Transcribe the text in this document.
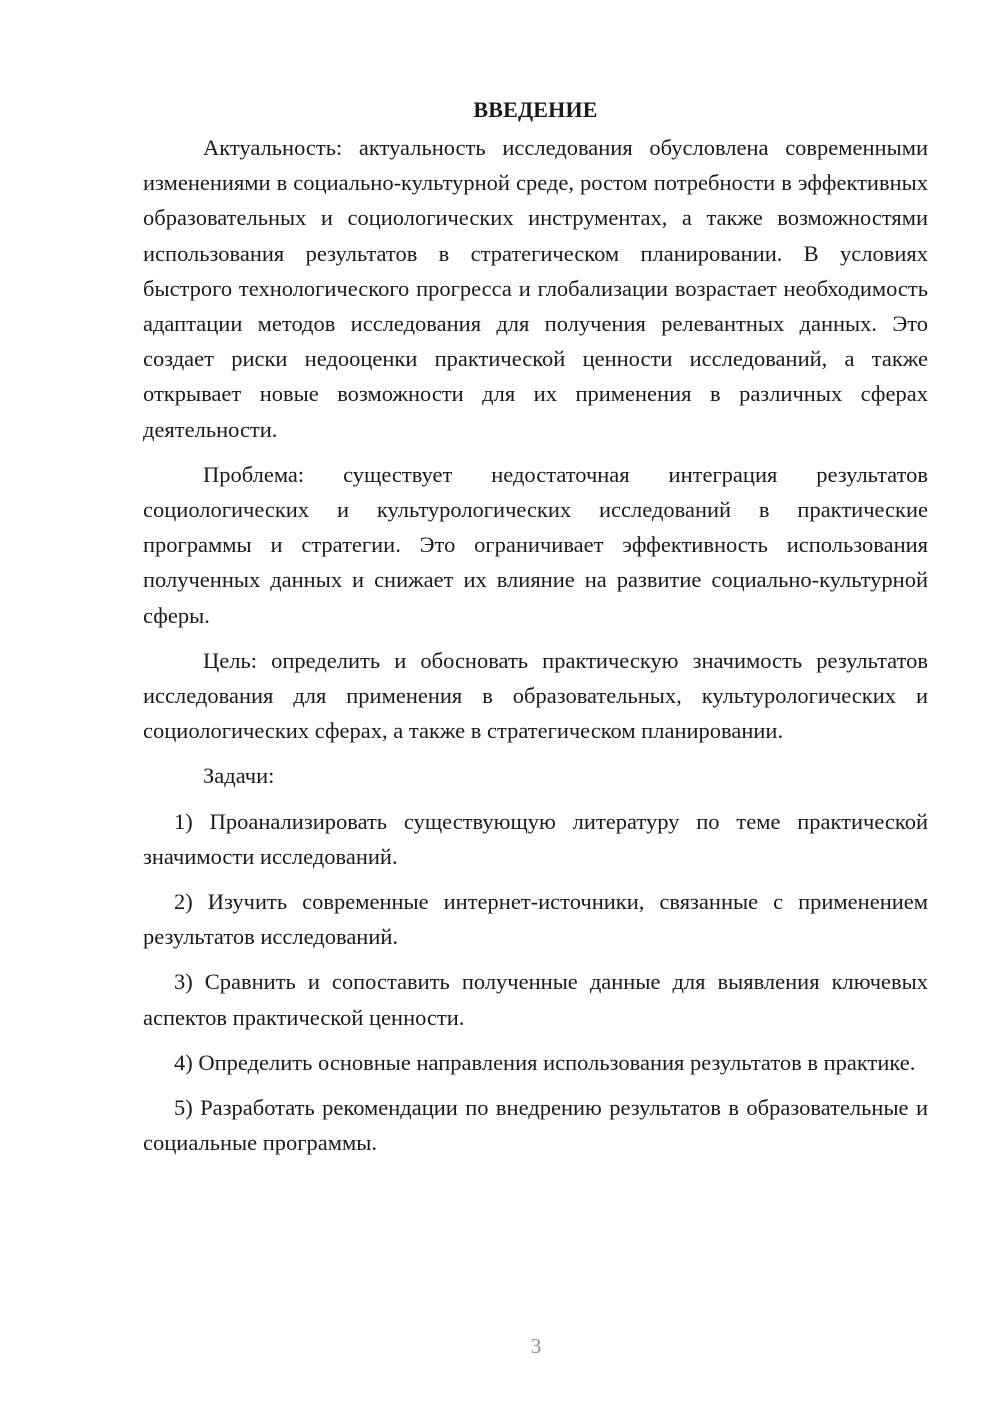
ВВЕДЕНИЕ

Актуальность: актуальность исследования обусловлена современными изменениями в социально-культурной среде, ростом потребности в эффективных образовательных и социологических инструментах, а также возможностями использования результатов в стратегическом планировании. В условиях быстрого технологического прогресса и глобализации возрастает необходимость адаптации методов исследования для получения релевантных данных. Это создает риски недооценки практической ценности исследований, а также открывает новые возможности для их применения в различных сферах деятельности.

Проблема: существует недостаточная интеграция результатов социологических и культурологических исследований в практические программы и стратегии. Это ограничивает эффективность использования полученных данных и снижает их влияние на развитие социально-культурной сферы.

Цель: определить и обосновать практическую значимость результатов исследования для применения в образовательных, культурологических и социологических сферах, а также в стратегическом планировании.

Задачи:

1) Проанализировать существующую литературу по теме практической значимости исследований.

2) Изучить современные интернет-источники, связанные с применением результатов исследований.

3) Сравнить и сопоставить полученные данные для выявления ключевых аспектов практической ценности.

4) Определить основные направления использования результатов в практике.

5) Разработать рекомендации по внедрению результатов в образовательные и социальные программы.

3
